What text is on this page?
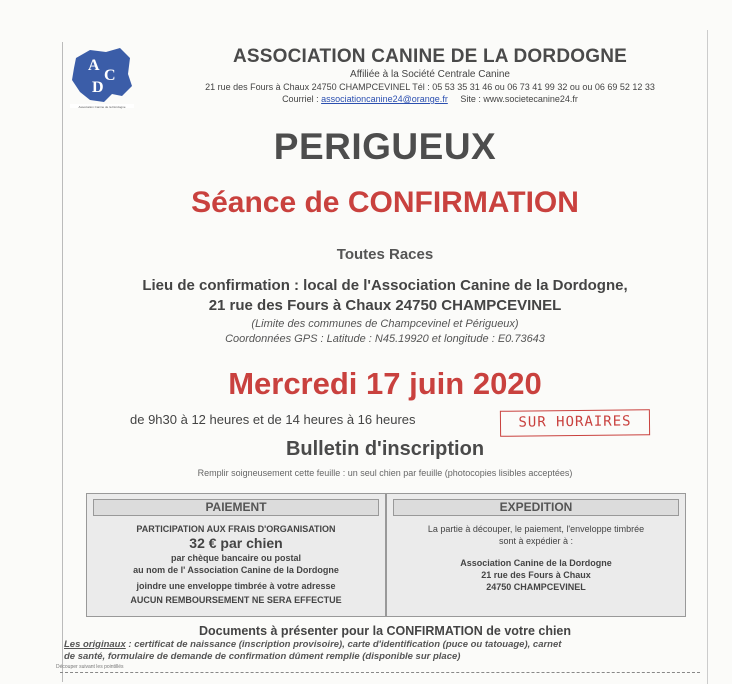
A
C
D
Association Canine de la Dordogne
ASSOCIATION CANINE DE LA DORDOGNE
Affiliée à la Société Centrale Canine
21 rue des Fours à Chaux 24750 CHAMPCEVINEL Tél : 05 53 35 31 46 ou 06 73 41 99 32 ou ou 06 69 52 12 33
Courriel : associationcanine24@orange.fr Site : www.societecanine24.fr
PERIGUEUX
Séance de CONFIRMATION
Toutes Races
Lieu de confirmation : local de l'Association Canine de la Dordogne,
21 rue des Fours à Chaux 24750 CHAMPCEVINEL
(Limite des communes de Champcevinel et Périgueux)
Coordonnées GPS : Latitude : N45.19920 et longitude : E0.73643
Mercredi 17 juin 2020
de 9h30 à 12 heures et de 14 heures à 16 heures	SUR HORAIRES
Bulletin d'inscription
Remplir soigneusement cette feuille : un seul chien par feuille (photocopies lisibles acceptées)
PAIEMENT
PARTICIPATION AUX FRAIS D'ORGANISATION
32 € par chien
par chèque bancaire ou postal
au nom de l' Association Canine de la Dordogne
joindre une enveloppe timbrée à votre adresse
AUCUN REMBOURSEMENT NE SERA EFFECTUE
EXPEDITION
La partie à découper, le paiement, l'enveloppe timbrée
sont à expédier à :
Association Canine de la Dordogne
21 rue des Fours à Chaux
24750 CHAMPCEVINEL
Documents à présenter pour la CONFIRMATION de votre chien
Les originaux : certificat de naissance (inscription provisoire), carte d'identification (puce ou tatouage), carnet
de santé, formulaire de demande de confirmation dûment remplie (disponible sur place)
Découper suivant les pointillés
